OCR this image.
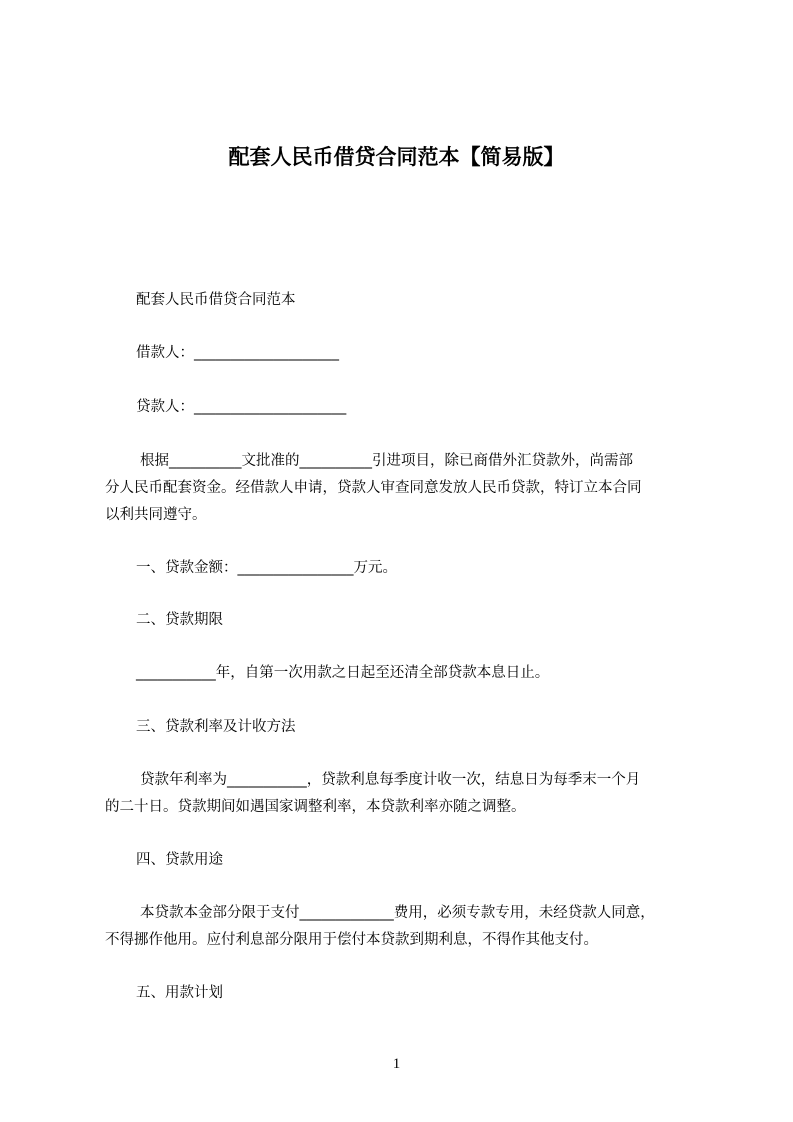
配套人民币借贷合同范本【简易版】
配套人民币借贷合同范本
借款人：____________________
贷款人：_____________________
根据__________文批准的__________引进项目，除已商借外汇贷款外，尚需部
分人民币配套资金。经借款人申请，贷款人审查同意发放人民币贷款，特订立本合同
以利共同遵守。
一、贷款金额：________________万元。
二、贷款期限
___________年，自第一次用款之日起至还清全部贷款本息日止。
三、贷款利率及计收方法
贷款年利率为___________，贷款利息每季度计收一次，结息日为每季末一个月
的二十日。贷款期间如遇国家调整利率，本贷款利率亦随之调整。
四、贷款用途
本贷款本金部分限于支付_____________费用，必须专款专用，未经贷款人同意，
不得挪作他用。应付利息部分限用于偿付本贷款到期利息，不得作其他支付。
五、用款计划
1
